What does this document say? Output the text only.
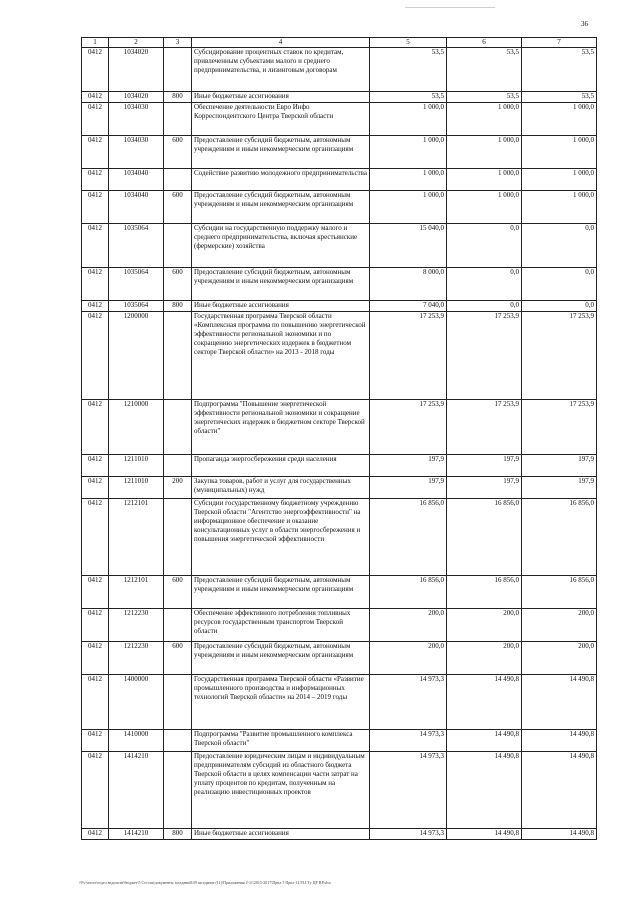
36
1	2	3	4	5	6	7
0412	1034020		Субсидирование процентных ставок по кредитам, привлеченным субъектами малого и среднего предпринимательства, и лизинговым договорам	53,5	53,5	53,5
0412	1034020	800	Иные бюджетные ассигнования	53,5	53,5	53,5
0412	1034030		Обеспечение деятельности Евро Инфо Корреспондентского Центра Тверской области	1 000,0	1 000,0	1 000,0
0412	1034030	600	Предоставление субсидий бюджетным, автономным учреждениям и иным некоммерческим организациям	1 000,0	1 000,0	1 000,0
0412	1034040		Содействие развитию молодежного предпринимательства	1 000,0	1 000,0	1 000,0
0412	1034040	600	Предоставление субсидий бюджетным, автономным учреждениям и иным некоммерческим организациям	1 000,0	1 000,0	1 000,0
0412	1035064		Субсидии на государственную поддержку малого и среднего предпринимательства, включая крестьянские (фермерские) хозяйства	15 040,0	0,0	0,0
0412	1035064	600	Предоставление субсидий бюджетным, автономным учреждениям и иным некоммерческим организациям	8 000,0	0,0	0,0
0412	1035064	800	Иные бюджетные ассигнования	7 040,0	0,0	0,0
0412	1200000		Государственная программа Тверской области «Комплексная программа по повышению энергетической эффективности региональной экономики и по сокращению энергетических издержек в бюджетном секторе Тверской области» на 2013 - 2018 годы	17 253,9	17 253,9	17 253,9
0412	1210000		Подпрограмма "Повышение энергетической эффективности региональной экономики и сокращение энергетических издержек в бюджетном секторе Тверской области"	17 253,9	17 253,9	17 253,9
0412	1211010		Пропаганда энергосбережения среди населения	197,9	197,9	197,9
0412	1211010	200	Закупка товаров, работ и услуг для государственных (муниципальных) нужд	197,9	197,9	197,9
0412	1212101		Субсидии государственному бюджетному учреждению Тверской области "Агентство энергоэффективности" на информационное обеспечение и оказание консультационных услуг в области энергосбережения и повышения энергетической эффективности	16 856,0	16 856,0	16 856,0
0412	1212101	600	Предоставление субсидий бюджетным, автономным учреждениям и иным некоммерческим организациям	16 856,0	16 856,0	16 856,0
0412	1212230		Обеспечение эффективного потребления топливных ресурсов государственным транспортом Тверской области	200,0	200,0	200,0
0412	1212230	600	Предоставление субсидий бюджетным, автономным учреждениям и иным некоммерческим организациям	200,0	200,0	200,0
0412	1400000		Государственная программа Тверской области «Развитие промышленного производства и информационных технологий Тверской области» на 2014 – 2019 годы	14 973,3	14 490,8	14 490,8
0412	1410000		Подпрограмма "Развитие промышленного комплекса Тверской области"	14 973,3	14 490,8	14 490,8
0412	1414210		Предоставление юридическим лицам и индивидуальным предпринимателям субсидий из областного бюджета Тверской области в целях компенсации части затрат на уплату процентов по кредитам, полученным на реализацию инвестиционных проектов	14 973,3	14 490,8	14 490,8
0412	1414210	800	Иные бюджетные ассигнования	14 973,3	14 490,8	14 490,8
\\Fs-server\отдел ведомств\бюджет\5 Сессия\документы заседаний\39 заседание (11)\Приложения 2-11\2015-2017\Прил 5 Прил 12 PLI Ту ЦР ВР.xlsx
